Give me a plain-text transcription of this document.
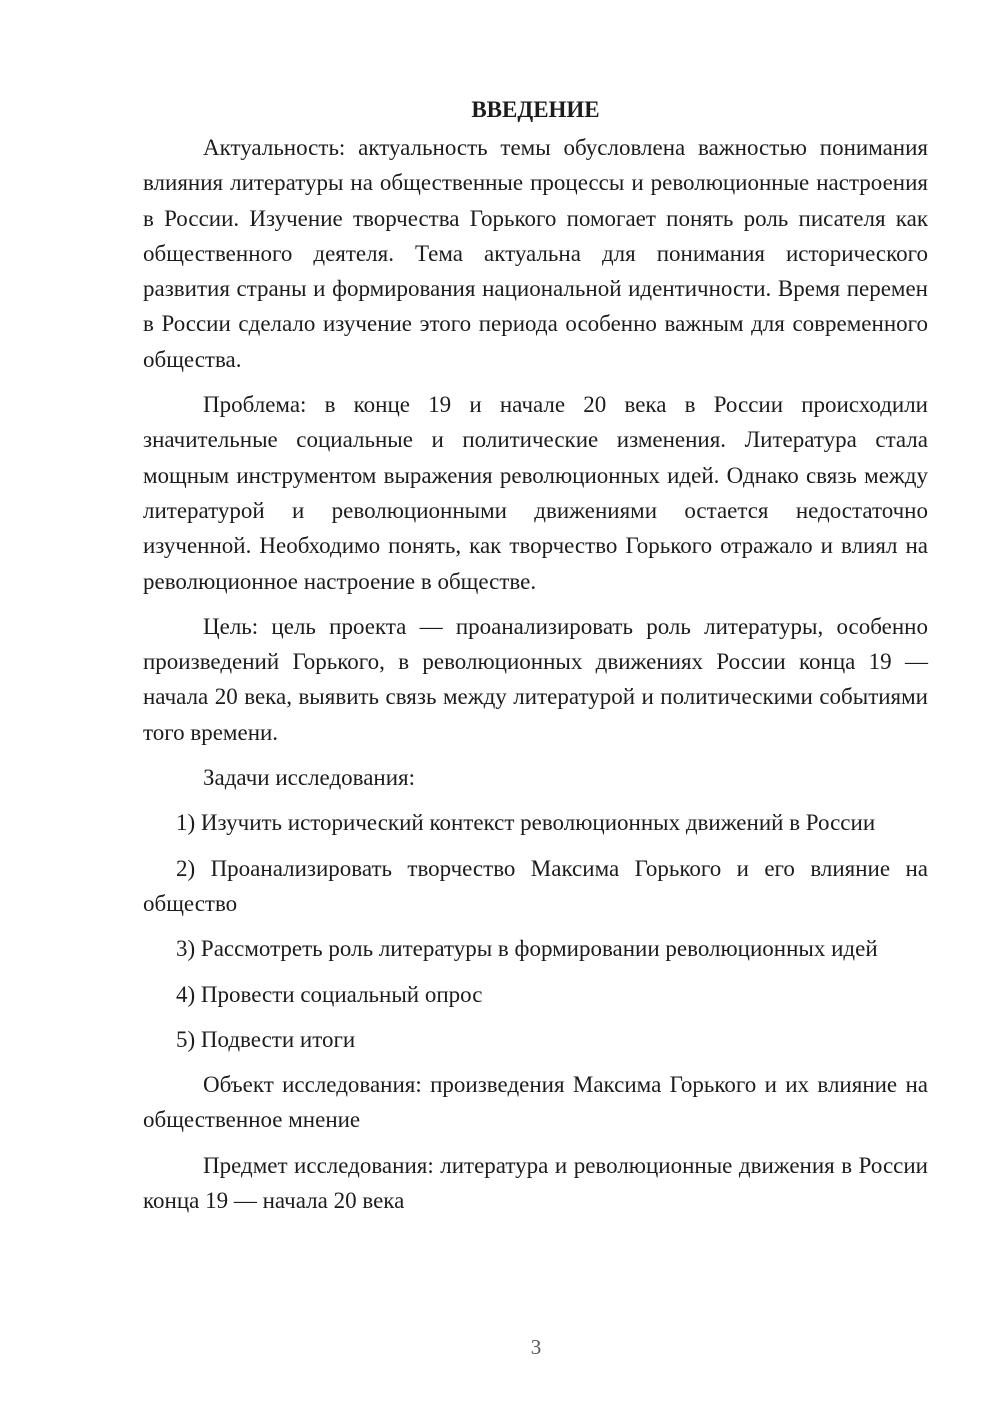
ВВЕДЕНИЕ

Актуальность: актуальность темы обусловлена важностью понимания влияния литературы на общественные процессы и революционные настроения в России. Изучение творчества Горького помогает понять роль писателя как общественного деятеля. Тема актуальна для понимания исторического развития страны и формирования национальной идентичности. Время перемен в России сделало изучение этого периода особенно важным для современного общества.

Проблема: в конце 19 и начале 20 века в России происходили значительные социальные и политические изменения. Литература стала мощным инструментом выражения революционных идей. Однако связь между литературой и революционными движениями остается недостаточно изученной. Необходимо понять, как творчество Горького отражало и влиял на революционное настроение в обществе.

Цель: цель проекта — проанализировать роль литературы, особенно произведений Горького, в революционных движениях России конца 19 — начала 20 века, выявить связь между литературой и политическими событиями того времени.

Задачи исследования:

1) Изучить исторический контекст революционных движений в России

2) Проанализировать творчество Максима Горького и его влияние на общество

3) Рассмотреть роль литературы в формировании революционных идей

4) Провести социальный опрос

5) Подвести итоги

Объект исследования: произведения Максима Горького и их влияние на общественное мнение

Предмет исследования: литература и революционные движения в России конца 19 — начала 20 века

3
